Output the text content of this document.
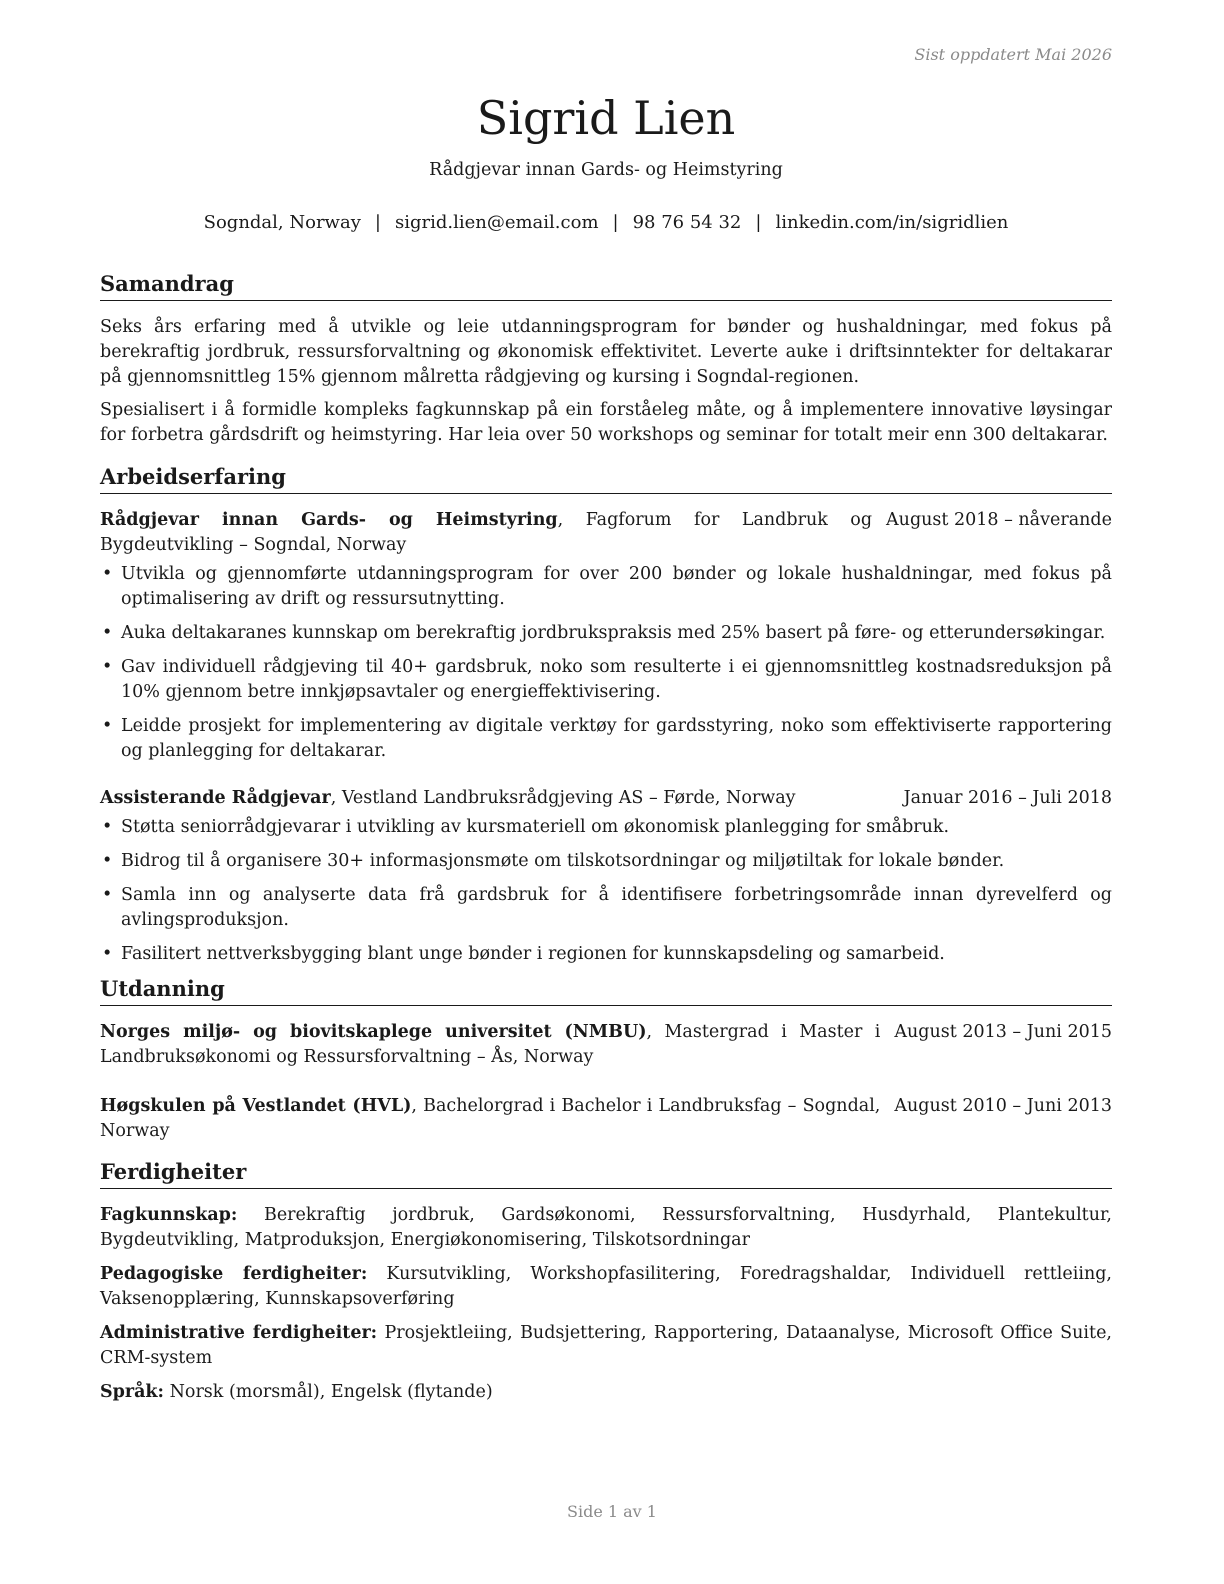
Sist oppdatert Mai 2026
Sigrid Lien
Rådgjevar innan Gards- og Heimstyring
Sogndal, Norway | sigrid.lien@email.com | 98 76 54 32 | linkedin.com/in/sigridlien
Samandrag

Seks års erfaring med å utvikle og leie utdanningsprogram for bønder og hushaldningar, med fokus på berekraftig jordbruk, ressursforvaltning og økonomisk effektivitet. Leverte auke i driftsinntekter for deltakarar på gjennomsnittleg 15% gjennom målretta rådgjeving og kursing i Sogndal-regionen.

Spesialisert i å formidle kompleks fagkunnskap på ein forståeleg måte, og å implementere innovative løysingar for forbetra gårdsdrift og heimstyring. Har leia over 50 workshops og seminar for totalt meir enn 300 deltakarar.

Arbeidserfaring
Rådgjevar innan Gards- og Heimstyring, Fagforum for Landbruk og Bygdeutvikling – Sogndal, Norway
August 2018 – nåverande
• Utvikla og gjennomførte utdanningsprogram for over 200 bønder og lokale hushaldningar, med fokus på optimalisering av drift og ressursutnytting.
• Auka deltakaranes kunnskap om berekraftig jordbrukspraksis med 25% basert på føre- og etterundersøkingar.
• Gav individuell rådgjeving til 40+ gardsbruk, noko som resulterte i ei gjennomsnittleg kostnadsreduksjon på 10% gjennom betre innkjøpsavtaler og energieffektivisering.
• Leidde prosjekt for implementering av digitale verktøy for gardsstyring, noko som effektiviserte rapportering og planlegging for deltakarar.
Assisterande Rådgjevar, Vestland Landbruksrådgjeving AS – Førde, Norway	Januar 2016 – Juli 2018
• Støtta seniorrådgjevarar i utvikling av kursmateriell om økonomisk planlegging for småbruk.
• Bidrog til å organisere 30+ informasjonsmøte om tilskotsordningar og miljøtiltak for lokale bønder.
• Samla inn og analyserte data frå gardsbruk for å identifisere forbetringsområde innan dyrevelferd og avlingsproduksjon.
• Fasilitert nettverksbygging blant unge bønder i regionen for kunnskapsdeling og samarbeid.
Utdanning
Norges miljø- og biovitskaplege universitet (NMBU), Mastergrad i Master i Landbruksøkonomi og Ressursforvaltning – Ås, Norway
August 2013 – Juni 2015
Høgskulen på Vestlandet (HVL), Bachelorgrad i Bachelor i Landbruksfag – Sogndal, Norway
August 2010 – Juni 2013
Ferdigheiter
Fagkunnskap: Berekraftig jordbruk, Gardsøkonomi, Ressursforvaltning, Husdyrhald, Plantekultur, Bygdeutvikling, Matproduksjon, Energiøkonomisering, Tilskotsordningar
Pedagogiske ferdigheiter: Kursutvikling, Workshopfasilitering, Foredragshaldar, Individuell rettleiing, Vaksenopplæring, Kunnskapsoverføring
Administrative ferdigheiter: Prosjektleiing, Budsjettering, Rapportering, Dataanalyse, Microsoft Office Suite, CRM-system
Språk: Norsk (morsmål), Engelsk (flytande)
Side 1 av 1
